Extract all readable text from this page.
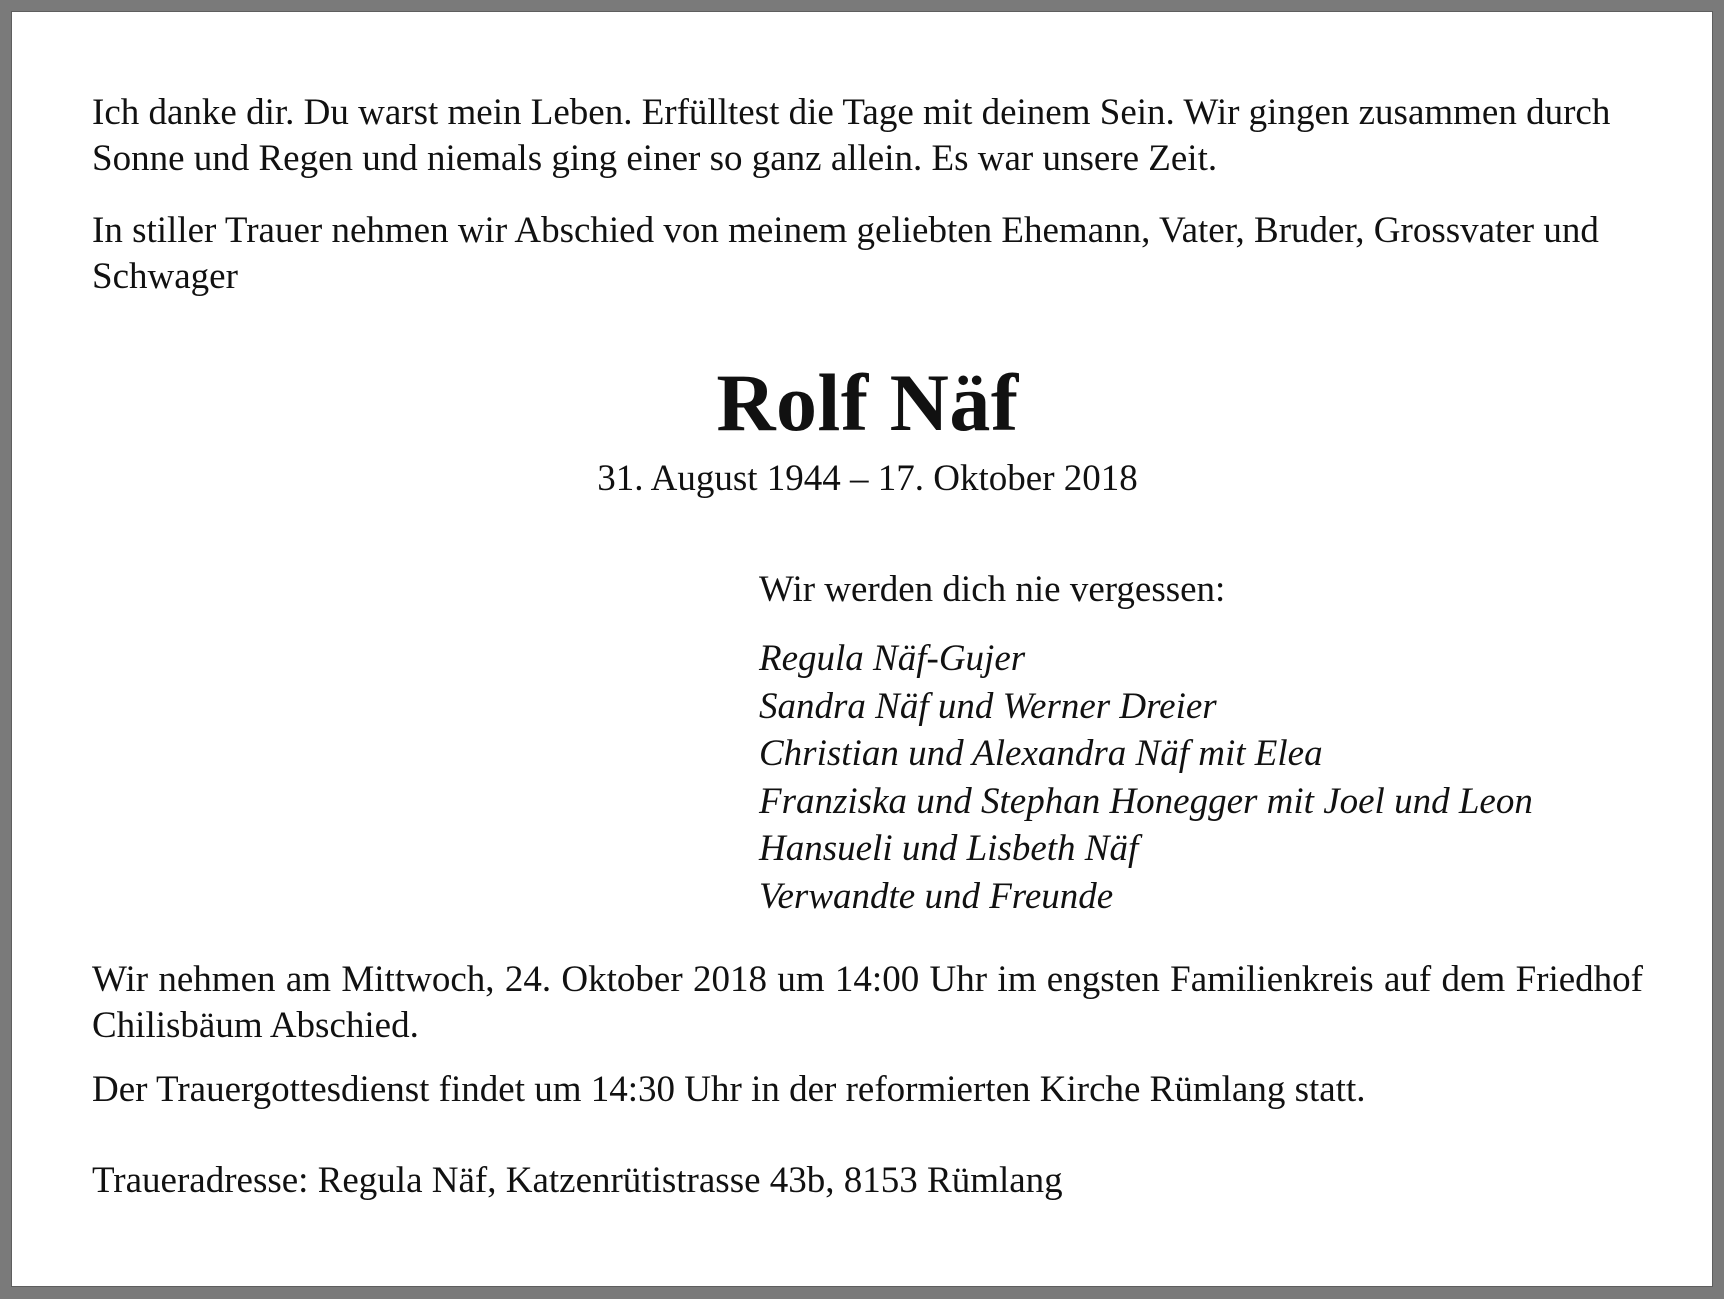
Ich danke dir. Du warst mein Leben. Erfülltest die Tage mit deinem Sein. Wir gingen zusammen durch Sonne und Regen und niemals ging einer so ganz allein. Es war unsere Zeit.

In stiller Trauer nehmen wir Abschied von meinem geliebten Ehemann, Vater, Bruder, Grossvater und Schwager

Rolf Näf

31. August 1944 – 17. Oktober 2018

Wir werden dich nie vergessen:

Regula Näf-Gujer
Sandra Näf und Werner Dreier
Christian und Alexandra Näf mit Elea
Franziska und Stephan Honegger mit Joel und Leon
Hansueli und Lisbeth Näf
Verwandte und Freunde

Wir nehmen am Mittwoch, 24. Oktober 2018 um 14:00 Uhr im engsten Familienkreis auf dem Friedhof Chilisbäum Abschied.

Der Trauergottesdienst findet um 14:30 Uhr in der reformierten Kirche Rümlang statt.

Traueradresse: Regula Näf, Katzenrütistrasse 43b, 8153 Rümlang
